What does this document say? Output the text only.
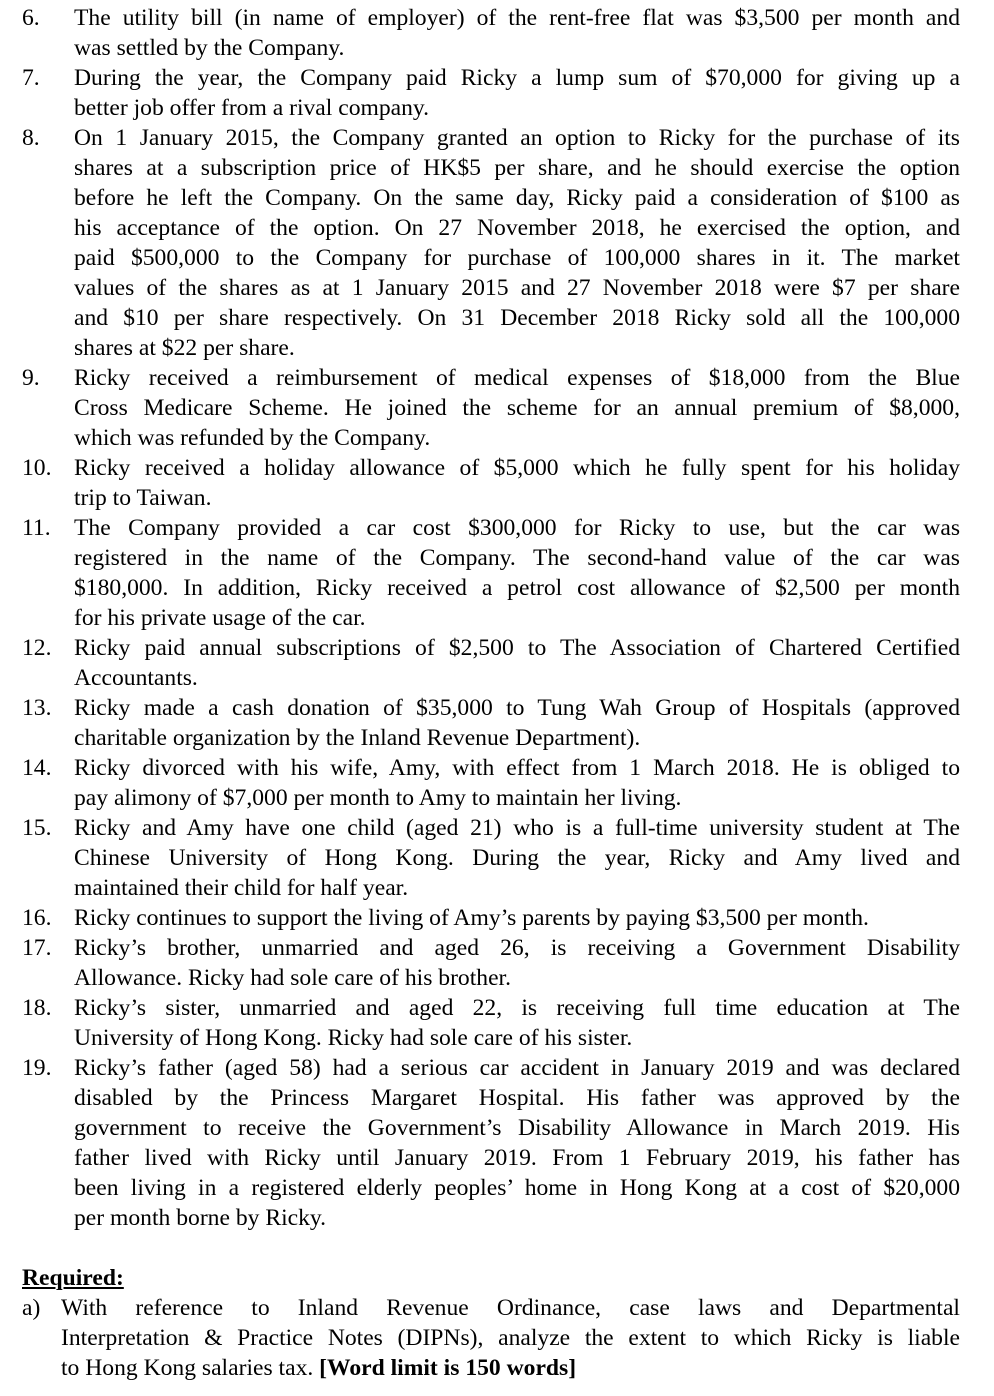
6. The utility bill (in name of employer) of the rent-free flat was $3,500 per month and
was settled by the Company.
7. During the year, the Company paid Ricky a lump sum of $70,000 for giving up a
better job offer from a rival company.
8. On 1 January 2015, the Company granted an option to Ricky for the purchase of its
shares at a subscription price of HK$5 per share, and he should exercise the option
before he left the Company. On the same day, Ricky paid a consideration of $100 as
his acceptance of the option. On 27 November 2018, he exercised the option, and
paid $500,000 to the Company for purchase of 100,000 shares in it. The market
values of the shares as at 1 January 2015 and 27 November 2018 were $7 per share
and $10 per share respectively. On 31 December 2018 Ricky sold all the 100,000
shares at $22 per share.
9. Ricky received a reimbursement of medical expenses of $18,000 from the Blue
Cross Medicare Scheme. He joined the scheme for an annual premium of $8,000,
which was refunded by the Company.
10. Ricky received a holiday allowance of $5,000 which he fully spent for his holiday
trip to Taiwan.
11. The Company provided a car cost $300,000 for Ricky to use, but the car was
registered in the name of the Company. The second-hand value of the car was
$180,000. In addition, Ricky received a petrol cost allowance of $2,500 per month
for his private usage of the car.
12. Ricky paid annual subscriptions of $2,500 to The Association of Chartered Certified
Accountants.
13. Ricky made a cash donation of $35,000 to Tung Wah Group of Hospitals (approved
charitable organization by the Inland Revenue Department).
14. Ricky divorced with his wife, Amy, with effect from 1 March 2018. He is obliged to
pay alimony of $7,000 per month to Amy to maintain her living.
15. Ricky and Amy have one child (aged 21) who is a full-time university student at The
Chinese University of Hong Kong. During the year, Ricky and Amy lived and
maintained their child for half year.
16. Ricky continues to support the living of Amy’s parents by paying $3,500 per month.
17. Ricky’s brother, unmarried and aged 26, is receiving a Government Disability
Allowance. Ricky had sole care of his brother.
18. Ricky’s sister, unmarried and aged 22, is receiving full time education at The
University of Hong Kong. Ricky had sole care of his sister.
19. Ricky’s father (aged 58) had a serious car accident in January 2019 and was declared
disabled by the Princess Margaret Hospital. His father was approved by the
government to receive the Government’s Disability Allowance in March 2019. His
father lived with Ricky until January 2019. From 1 February 2019, his father has
been living in a registered elderly peoples’ home in Hong Kong at a cost of $20,000
per month borne by Ricky.
Required:
a) With reference to Inland Revenue Ordinance, case laws and Departmental
Interpretation & Practice Notes (DIPNs), analyze the extent to which Ricky is liable
to Hong Kong salaries tax. [Word limit is 150 words]
